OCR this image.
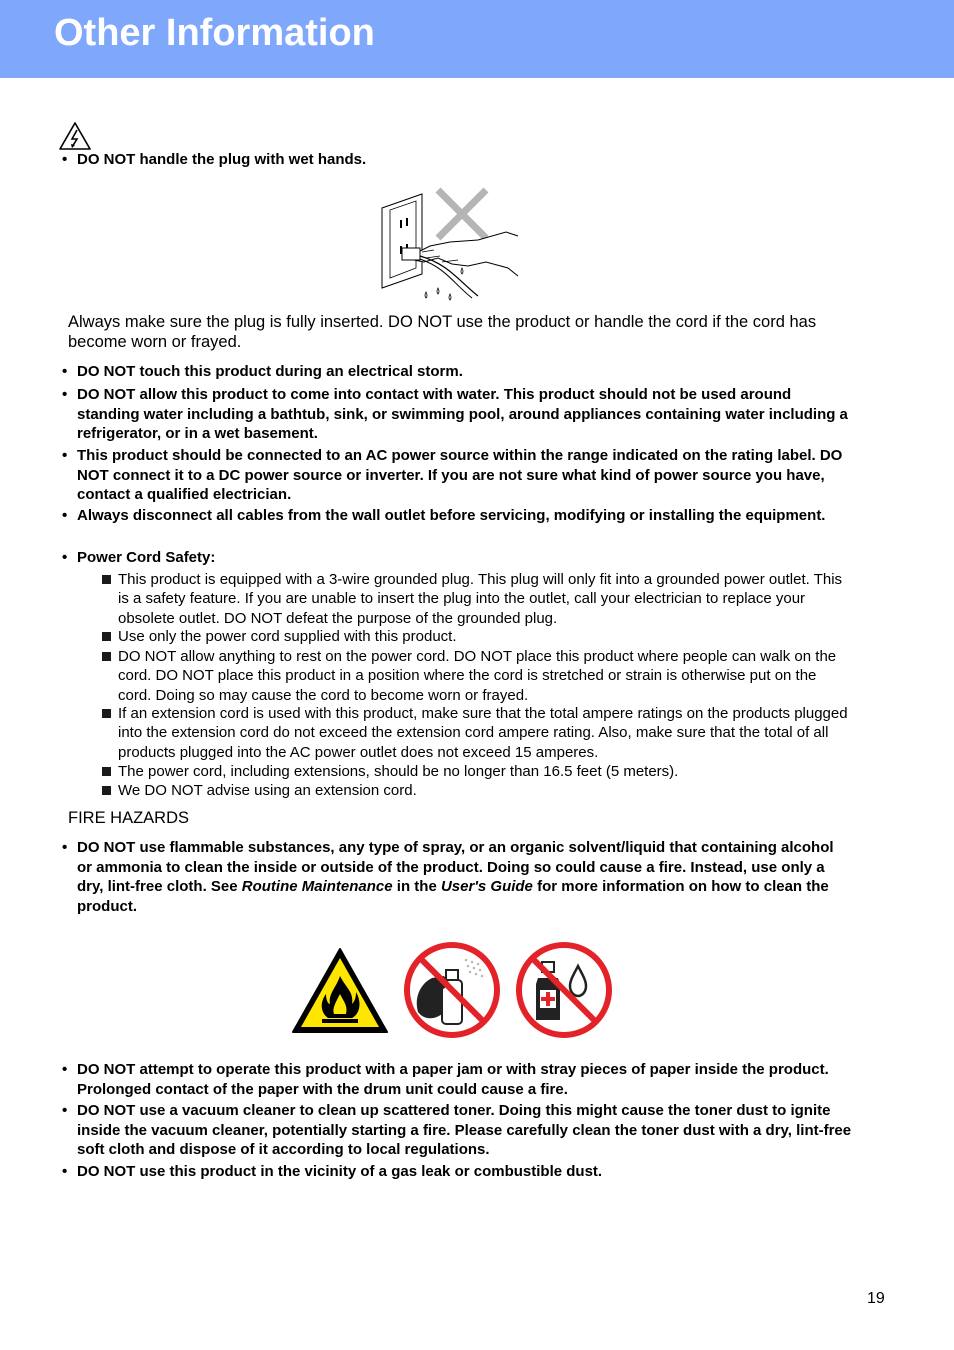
Other Information
• DO NOT handle the plug with wet hands.
Always make sure the plug is fully inserted. DO NOT use the product or handle the cord if the cord has become worn or frayed.
• DO NOT touch this product during an electrical storm.
• DO NOT allow this product to come into contact with water. This product should not be used around standing water including a bathtub, sink, or swimming pool, around appliances containing water including a refrigerator, or in a wet basement.
• This product should be connected to an AC power source within the range indicated on the rating label. DO NOT connect it to a DC power source or inverter. If you are not sure what kind of power source you have, contact a qualified electrician.
• Always disconnect all cables from the wall outlet before servicing, modifying or installing the equipment.
• Power Cord Safety:
This product is equipped with a 3-wire grounded plug. This plug will only fit into a grounded power outlet. This is a safety feature. If you are unable to insert the plug into the outlet, call your electrician to replace your obsolete outlet. DO NOT defeat the purpose of the grounded plug.
Use only the power cord supplied with this product.
DO NOT allow anything to rest on the power cord. DO NOT place this product where people can walk on the cord. DO NOT place this product in a position where the cord is stretched or strain is otherwise put on the cord. Doing so may cause the cord to become worn or frayed.
If an extension cord is used with this product, make sure that the total ampere ratings on the products plugged into the extension cord do not exceed the extension cord ampere rating. Also, make sure that the total of all products plugged into the AC power outlet does not exceed 15 amperes.
The power cord, including extensions, should be no longer than 16.5 feet (5 meters).
We DO NOT advise using an extension cord.
FIRE HAZARDS
• DO NOT use flammable substances, any type of spray, or an organic solvent/liquid that containing alcohol or ammonia to clean the inside or outside of the product. Doing so could cause a fire. Instead, use only a dry, lint-free cloth. See Routine Maintenance in the User's Guide for more information on how to clean the product.
• DO NOT attempt to operate this product with a paper jam or with stray pieces of paper inside the product. Prolonged contact of the paper with the drum unit could cause a fire.
• DO NOT use a vacuum cleaner to clean up scattered toner. Doing this might cause the toner dust to ignite inside the vacuum cleaner, potentially starting a fire. Please carefully clean the toner dust with a dry, lint-free soft cloth and dispose of it according to local regulations.
• DO NOT use this product in the vicinity of a gas leak or combustible dust.
19
